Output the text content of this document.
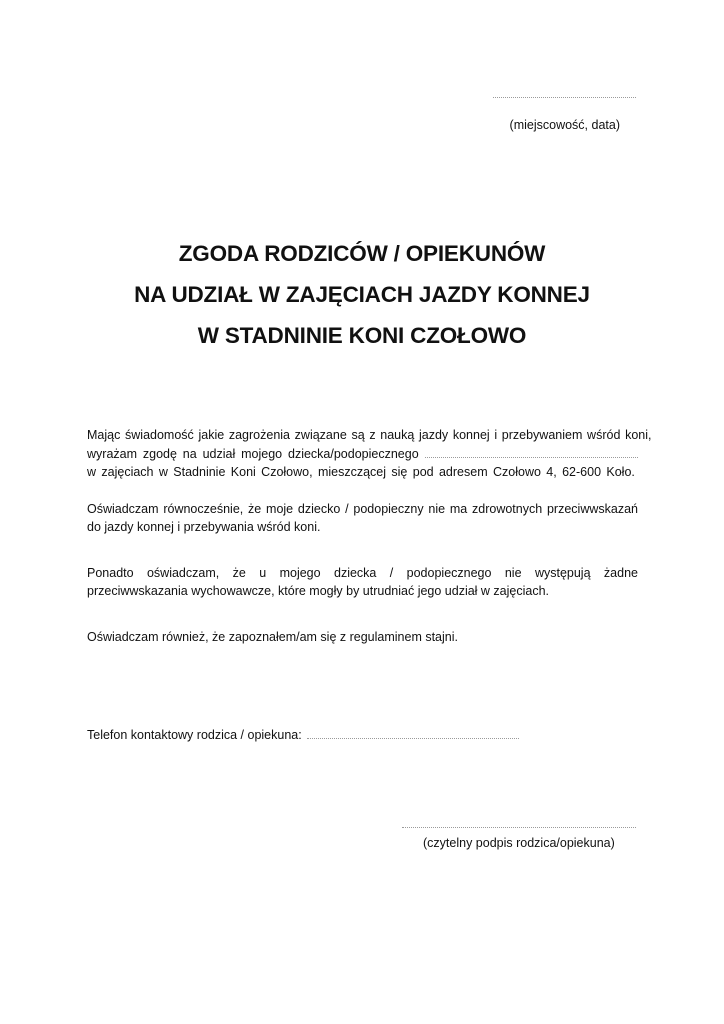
(miejscowość, data)
ZGODA RODZICÓW / OPIEKUNÓW
NA UDZIAŁ W ZAJĘCIACH JAZDY KONNEJ
W STADNINIE KONI CZOŁOWO
Mając świadomość jakie zagrożenia związane są z nauką jazdy konnej i przebywaniem wśród koni,
wyrażam zgodę na udział mojego dziecka/podopiecznego
w zajęciach w Stadninie Koni Czołowo, mieszczącej się pod adresem Czołowo 4, 62-600 Koło.

Oświadczam równocześnie, że moje dziecko / podopieczny nie ma zdrowotnych przeciwwskazań do jazdy konnej i przebywania wśród koni.

Ponadto oświadczam, że u mojego dziecka / podopiecznego nie występują żadne przeciwwskazania wychowawcze, które mogły by utrudniać jego udział w zajęciach.

Oświadczam również, że zapoznałem/am się z regulaminem stajni.

Telefon kontaktowy rodzica / opiekuna:
(czytelny podpis rodzica/opiekuna)
